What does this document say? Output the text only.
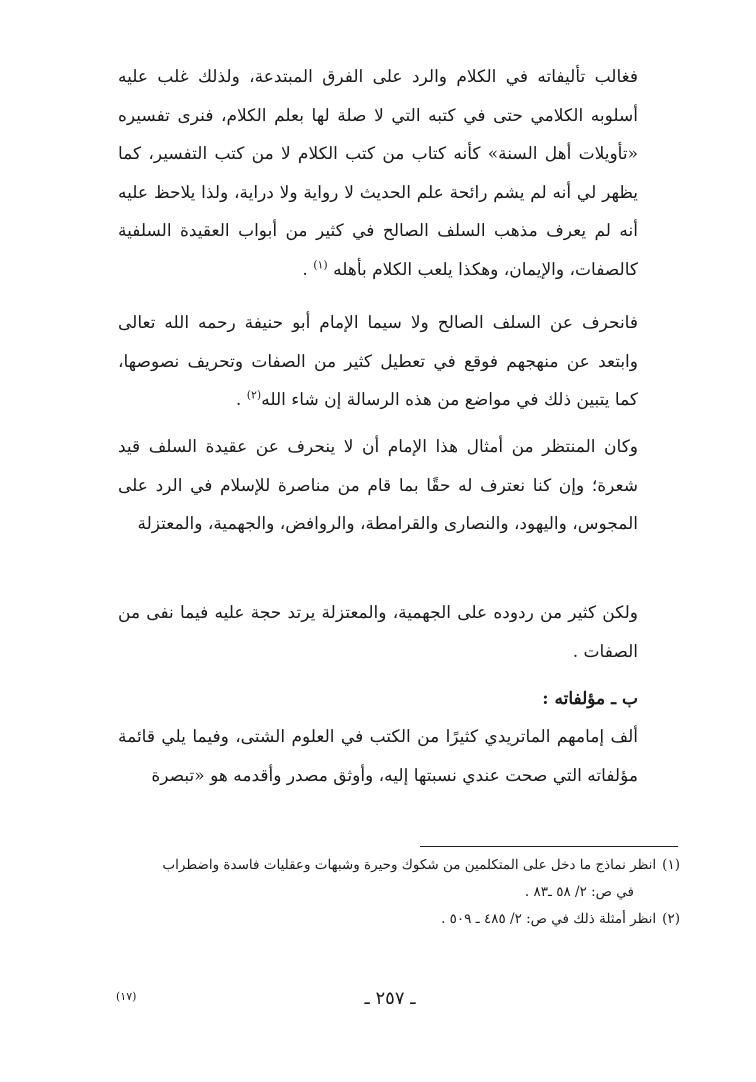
فغالب تأليفاته في الكلام والرد على الفرق المبتدعة، ولذلك غلب عليه أسلوبه الكلامي حتى في كتبه التي لا صلة لها بعلم الكلام، فنرى تفسيره «تأويلات أهل السنة» كأنه كتاب من كتب الكلام لا من كتب التفسير، كما يظهر لي أنه لم يشم رائحة علم الحديث لا رواية ولا دراية، ولذا يلاحظ عليه أنه لم يعرف مذهب السلف الصالح في كثير من أبواب العقيدة السلفية كالصفات، والإيمان، وهكذا يلعب الكلام بأهله $^{(١)}$ .
فانحرف عن السلف الصالح ولا سيما الإمام أبو حنيفة رحمه الله تعالى وابتعد عن منهجهم فوقع في تعطيل كثير من الصفات وتحريف نصوصها، كما يتبين ذلك في مواضع من هذه الرسالة إن شاء الله$^{(٢)}$ .
وكان المنتظر من أمثال هذا الإمام أن لا ينحرف عن عقيدة السلف قيد شعرة؛ وإن كنا نعترف له حقًا بما قام من مناصرة للإسلام في الرد على المجوس، واليهود، والنصارى والقرامطة، والروافض، والجهمية، والمعتزلة
ولكن كثير من ردوده على الجهمية، والمعتزلة يرتد حجة عليه فيما نفى من الصفات .
ب ـ مؤلفاته :
ألف إمامهم الماتريدي كثيرًا من الكتب في العلوم الشتى، وفيما يلي قائمة مؤلفاته التي صحت عندي نسبتها إليه، وأوثق مصدر وأقدمه هو «تبصرة
(١)انظر نماذج ما دخل على المتكلمين من شكوك وحيرة وشبهات وعقليات فاسدة واضطراب
في ص: ٢/ ٥٨ ـ٨٣ .
(٢)انظر أمثلة ذلك في ص: ٢/ ٤٨٥ ـ ٥٠٩ .
(١٧)	ـ ٢٥٧ ـ
